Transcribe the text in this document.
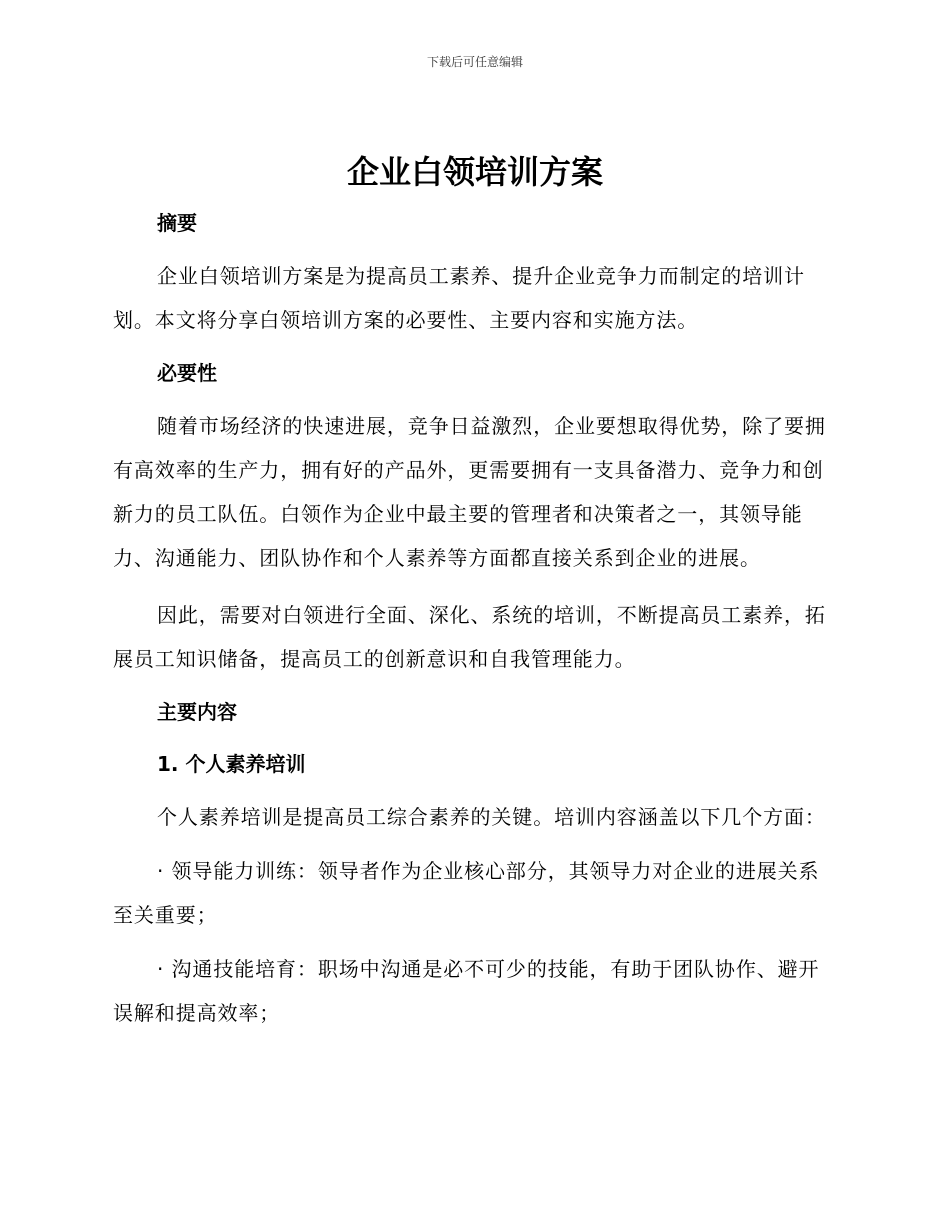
下载后可任意编辑
企业白领培训方案

摘要

企业白领培训方案是为提高员工素养、提升企业竞争力而制定的培训计划。本文将分享白领培训方案的必要性、主要内容和实施方法。

必要性

随着市场经济的快速进展，竞争日益激烈，企业要想取得优势，除了要拥有高效率的生产力，拥有好的产品外，更需要拥有一支具备潜力、竞争力和创新力的员工队伍。白领作为企业中最主要的管理者和决策者之一，其领导能力、沟通能力、团队协作和个人素养等方面都直接关系到企业的进展。

因此，需要对白领进行全面、深化、系统的培训，不断提高员工素养，拓展员工知识储备，提高员工的创新意识和自我管理能力。

主要内容

1. 个人素养培训

个人素养培训是提高员工综合素养的关键。培训内容涵盖以下几个方面：

· 领导能力训练：领导者作为企业核心部分，其领导力对企业的进展关系至关重要；

· 沟通技能培育：职场中沟通是必不可少的技能，有助于团队协作、避开误解和提高效率；
